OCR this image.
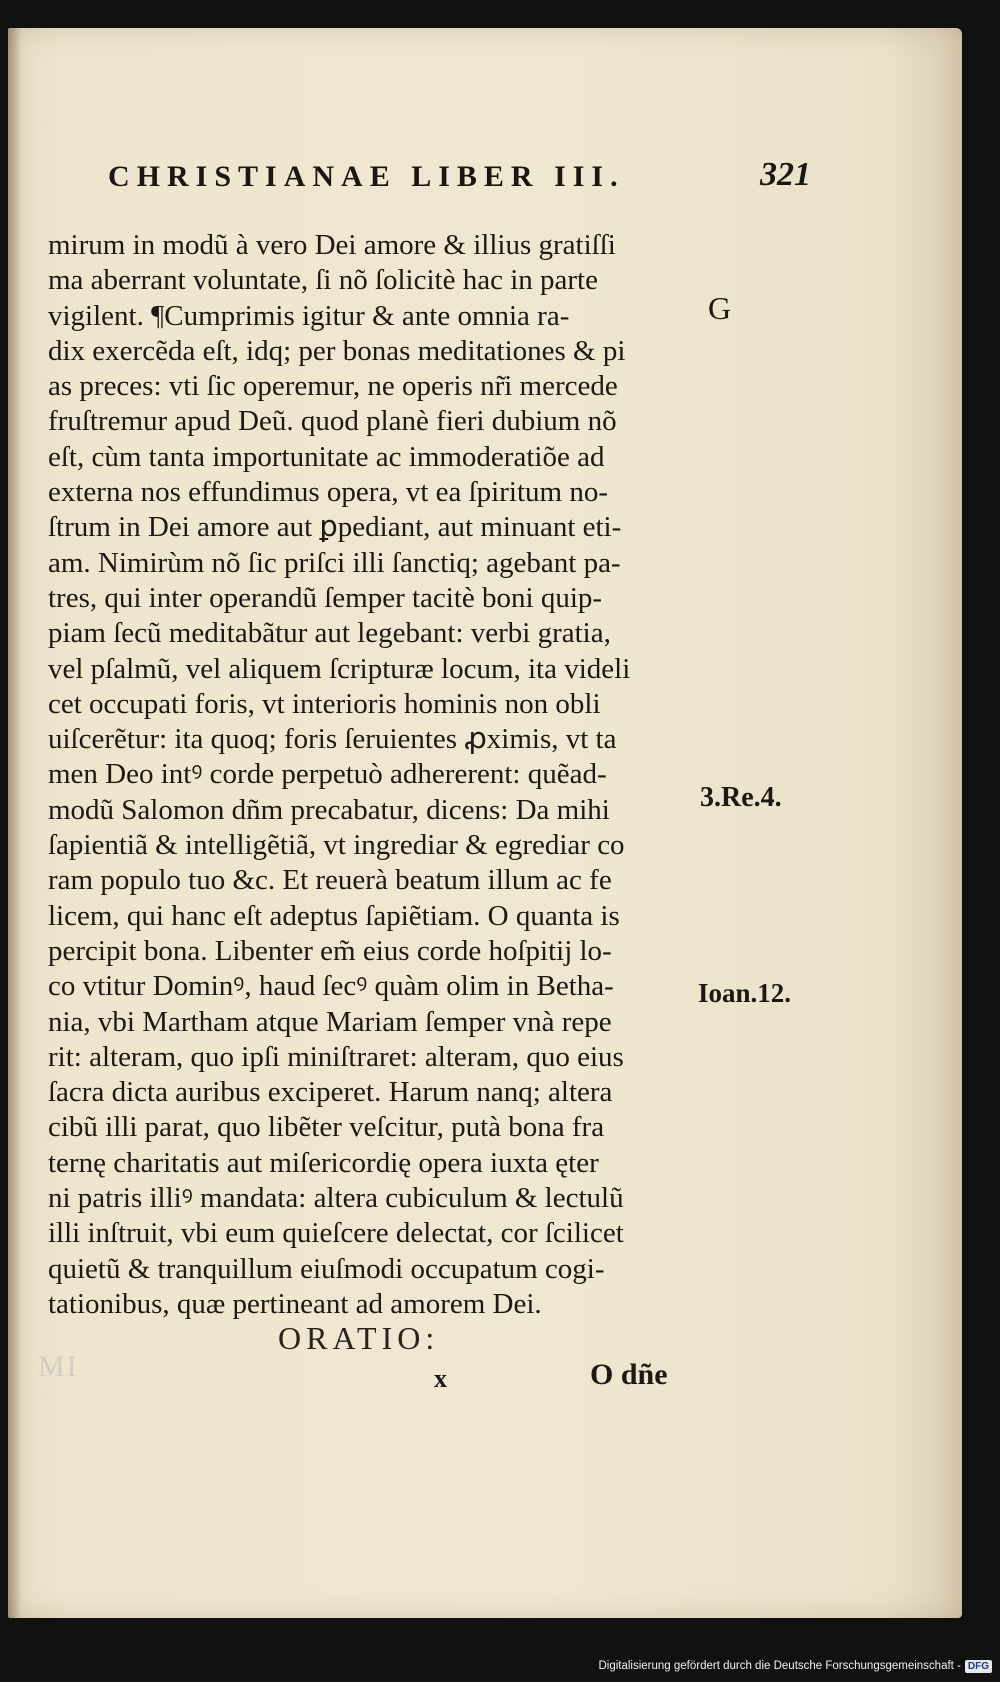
CHRISTIANAE LIBER III.	321
mirum in modũ à vero Dei amore & illius gratiſſi
ma aberrant voluntate, ſi nõ ſolicitè hac in parte
vigilent. ¶Cumprimis igitur & ante omnia ra-
dix exercẽda eſt, idq; per bonas meditationes & pi
as preces: vti ſic operemur, ne operis nr̃i mercede
fruſtremur apud Deũ. quod planè fieri dubium nõ
eſt, cùm tanta importunitate ac immoderatiõe ad
externa nos effundimus opera, vt ea ſpiritum no-
ſtrum in Dei amore aut ꝑpediant, aut minuant eti-
am. Nimirùm nõ ſic priſci illi ſanctiq; agebant pa-
tres, qui inter operandũ ſemper tacitè boni quip-
piam ſecũ meditabãtur aut legebant: verbi gratia,
vel pſalmũ, vel aliquem ſcripturæ locum, ita videli
cet occupati foris, vt interioris hominis non obli
uiſcerẽtur: ita quoq; foris ſeruientes ꝓximis, vt ta
men Deo intꝰ corde perpetuò adhererent: quẽad-
modũ Salomon dñm precabatur, dicens: Da mihi
ſapientiã & intelligẽtiã, vt ingrediar & egrediar co
ram populo tuo &c. Et reuerà beatum illum ac fe
licem, qui hanc eſt adeptus ſapiẽtiam. O quanta is
percipit bona. Libenter em̃ eius corde hoſpitij lo-
co vtitur Dominꝰ, haud ſecꝰ quàm olim in Betha-
nia, vbi Martham atque Mariam ſemper vnà repe
rit: alteram, quo ipſi miniſtraret: alteram, quo eius
ſacra dicta auribus exciperet. Harum nanq; altera
cibũ illi parat, quo libẽter veſcitur, putà bona fra
ternę charitatis aut miſericordię opera iuxta ęter
ni patris illiꝰ mandata: altera cubiculum & lectulũ
illi inſtruit, vbi eum quieſcere delectat, cor ſcilicet
quietũ & tranquillum eiuſmodi occupatum cogi-
tationibus, quæ pertineant ad amorem Dei.
G
3.Re.4.
Ioan.12.
ORATIO:
x	O dñe
MI
Digitalisierung gefördert durch die Deutsche Forschungsgemeinschaft - DFG
